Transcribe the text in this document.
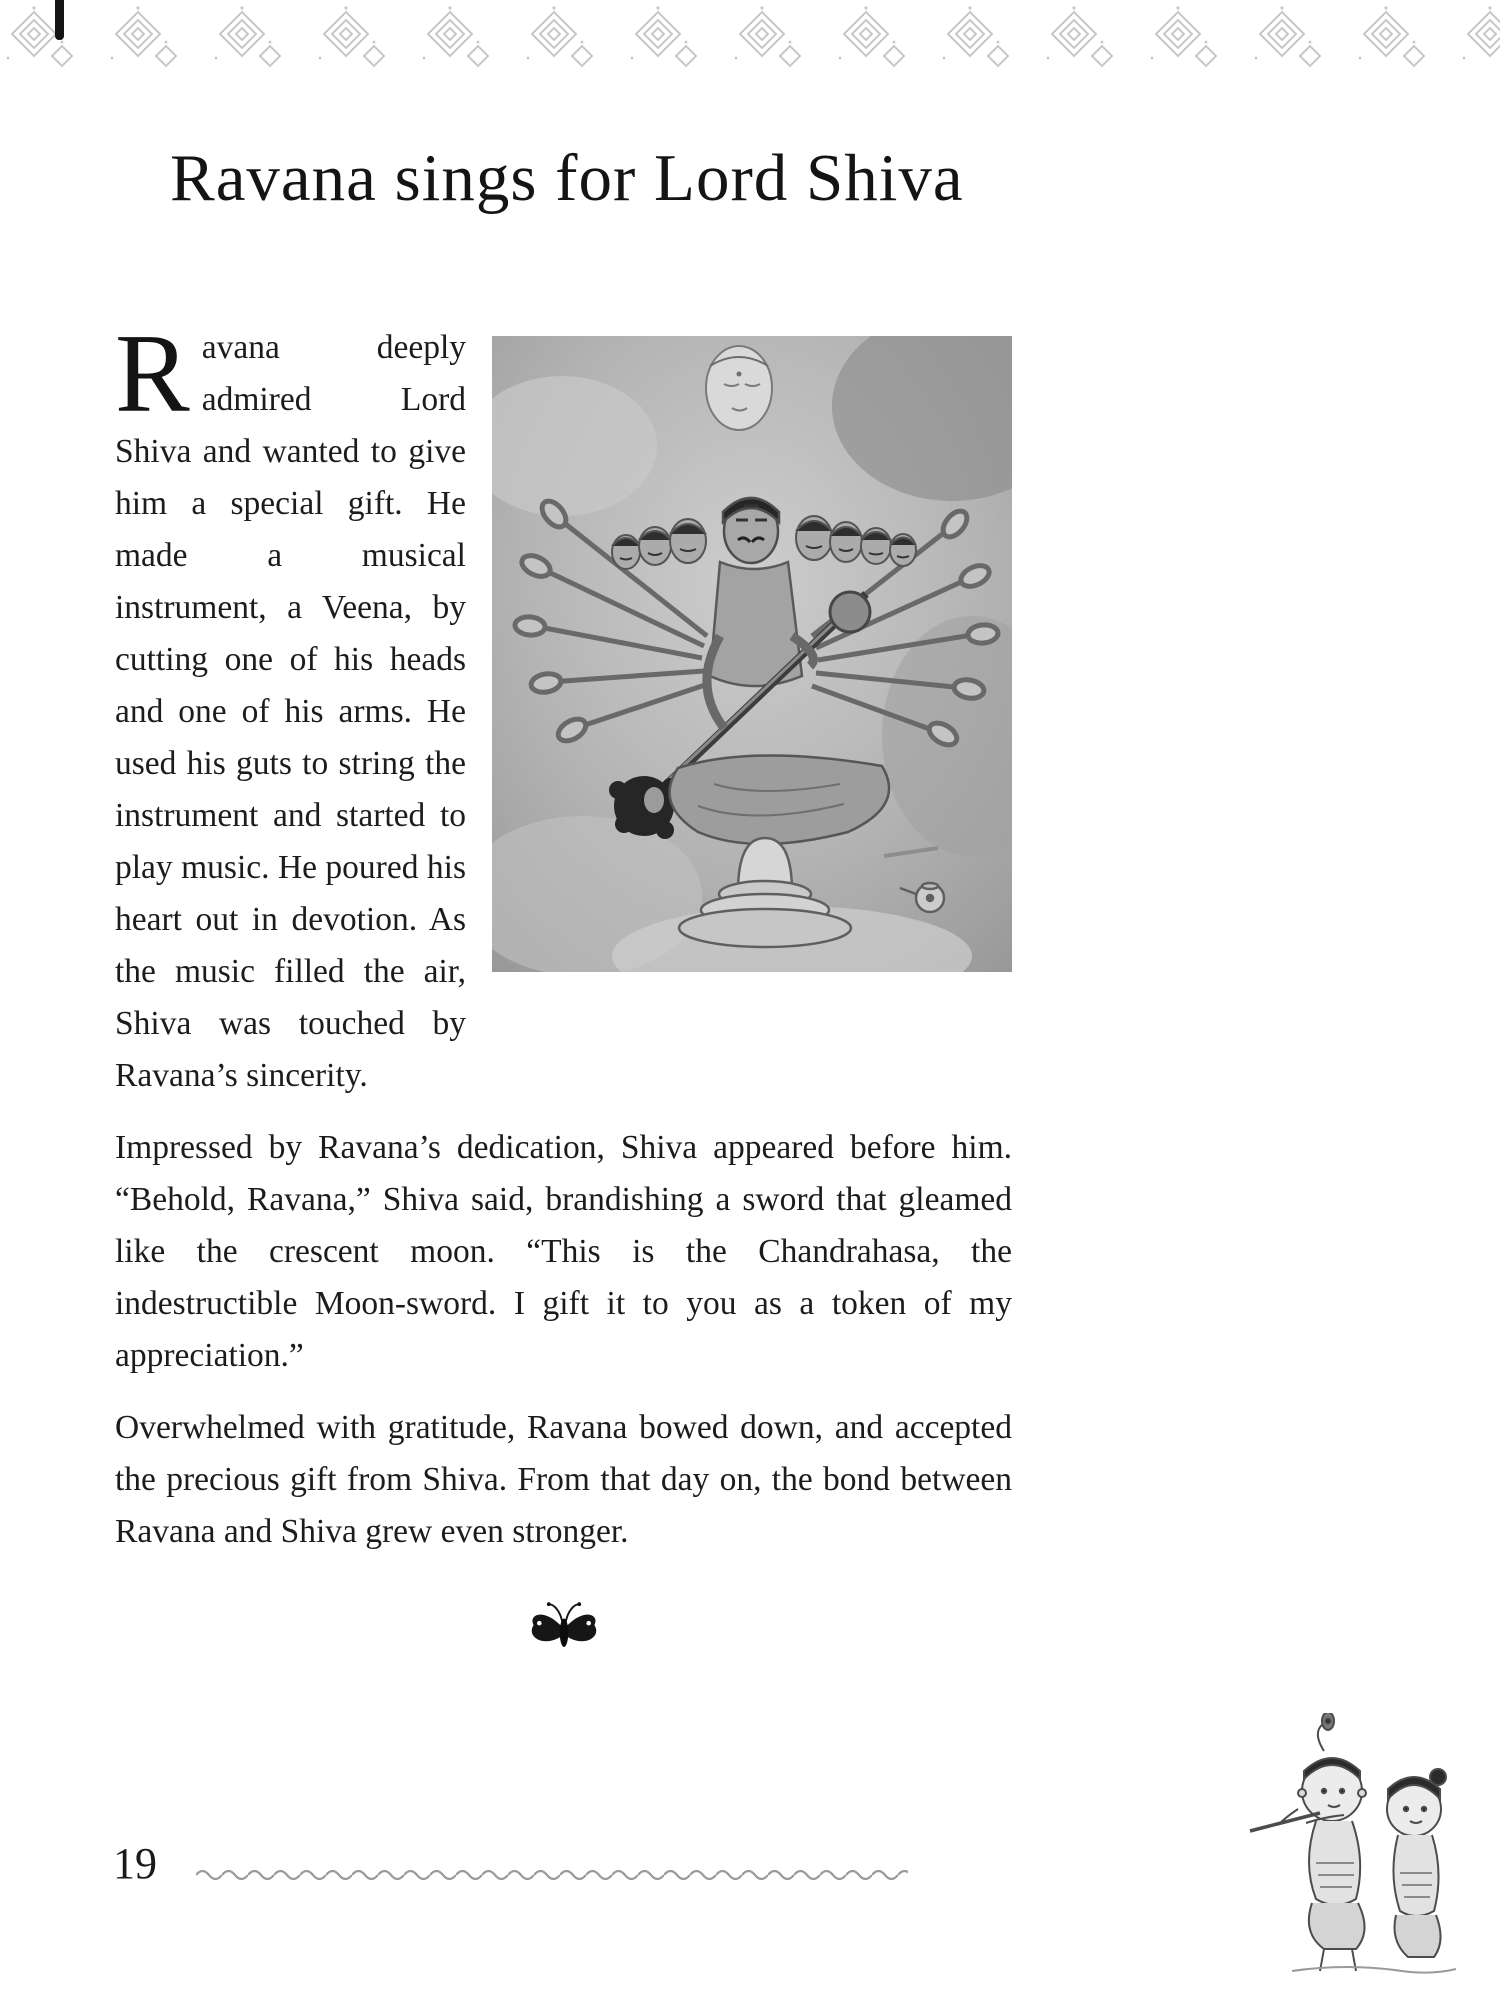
Ravana sings for Lord Shiva

Ravana deeply admired Lord Shiva and wanted to give him a special gift. He made a musical instrument, a Veena, by cutting one of his heads and one of his arms. He used his guts to string the instrument and started to play music. He poured his heart out in devotion. As the music filled the air, Shiva was touched by Ravana’s sincerity.

Impressed by Ravana’s dedication, Shiva appeared before him. “Behold, Ravana,” Shiva said, brandishing a sword that gleamed like the crescent moon. “This is the Chandrahasa, the indestructible Moon-sword. I gift it to you as a token of my appreciation.”

Overwhelmed with gratitude, Ravana bowed down, and accepted the precious gift from Shiva. From that day on, the bond between Ravana and Shiva grew even stronger.

19
